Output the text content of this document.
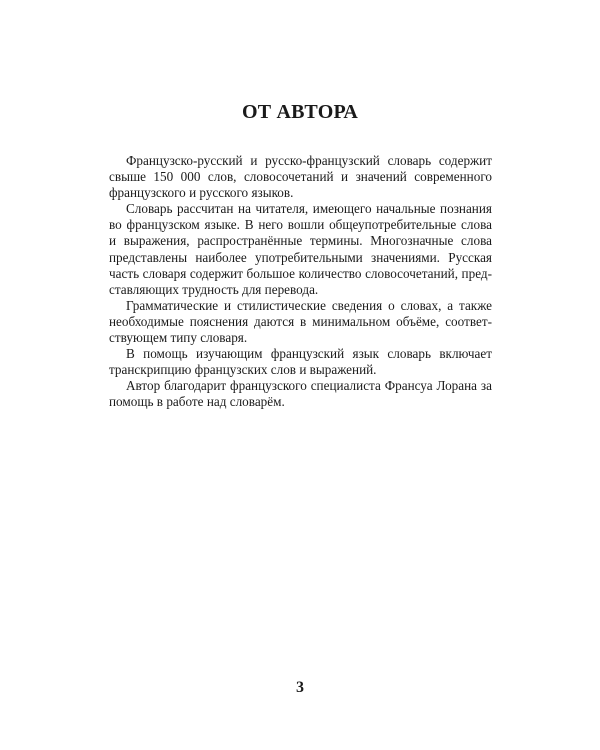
ОТ АВТОРА

Французско-русский и русско-французский словарь содержит
свыше 150 000 слов, словосочетаний и значений современного
французского и русского языков.

Словарь рассчитан на читателя, имеющего начальные познания
во французском языке. В него вошли общеупотребительные слова
и выражения, распространённые термины. Многозначные слова
представлены наиболее употребительными значениями. Русская
часть словаря содержит большое количество словосочетаний, пред-
ставляющих трудность для перевода.

Грамматические и стилистические сведения о словах, а также
необходимые пояснения даются в минимальном объёме, соответ-
ствующем типу словаря.

В помощь изучающим французский язык словарь включает
транскрипцию французских слов и выражений.

Автор благодарит французского специалиста Франсуа Лорана за
помощь в работе над словарём.

3
